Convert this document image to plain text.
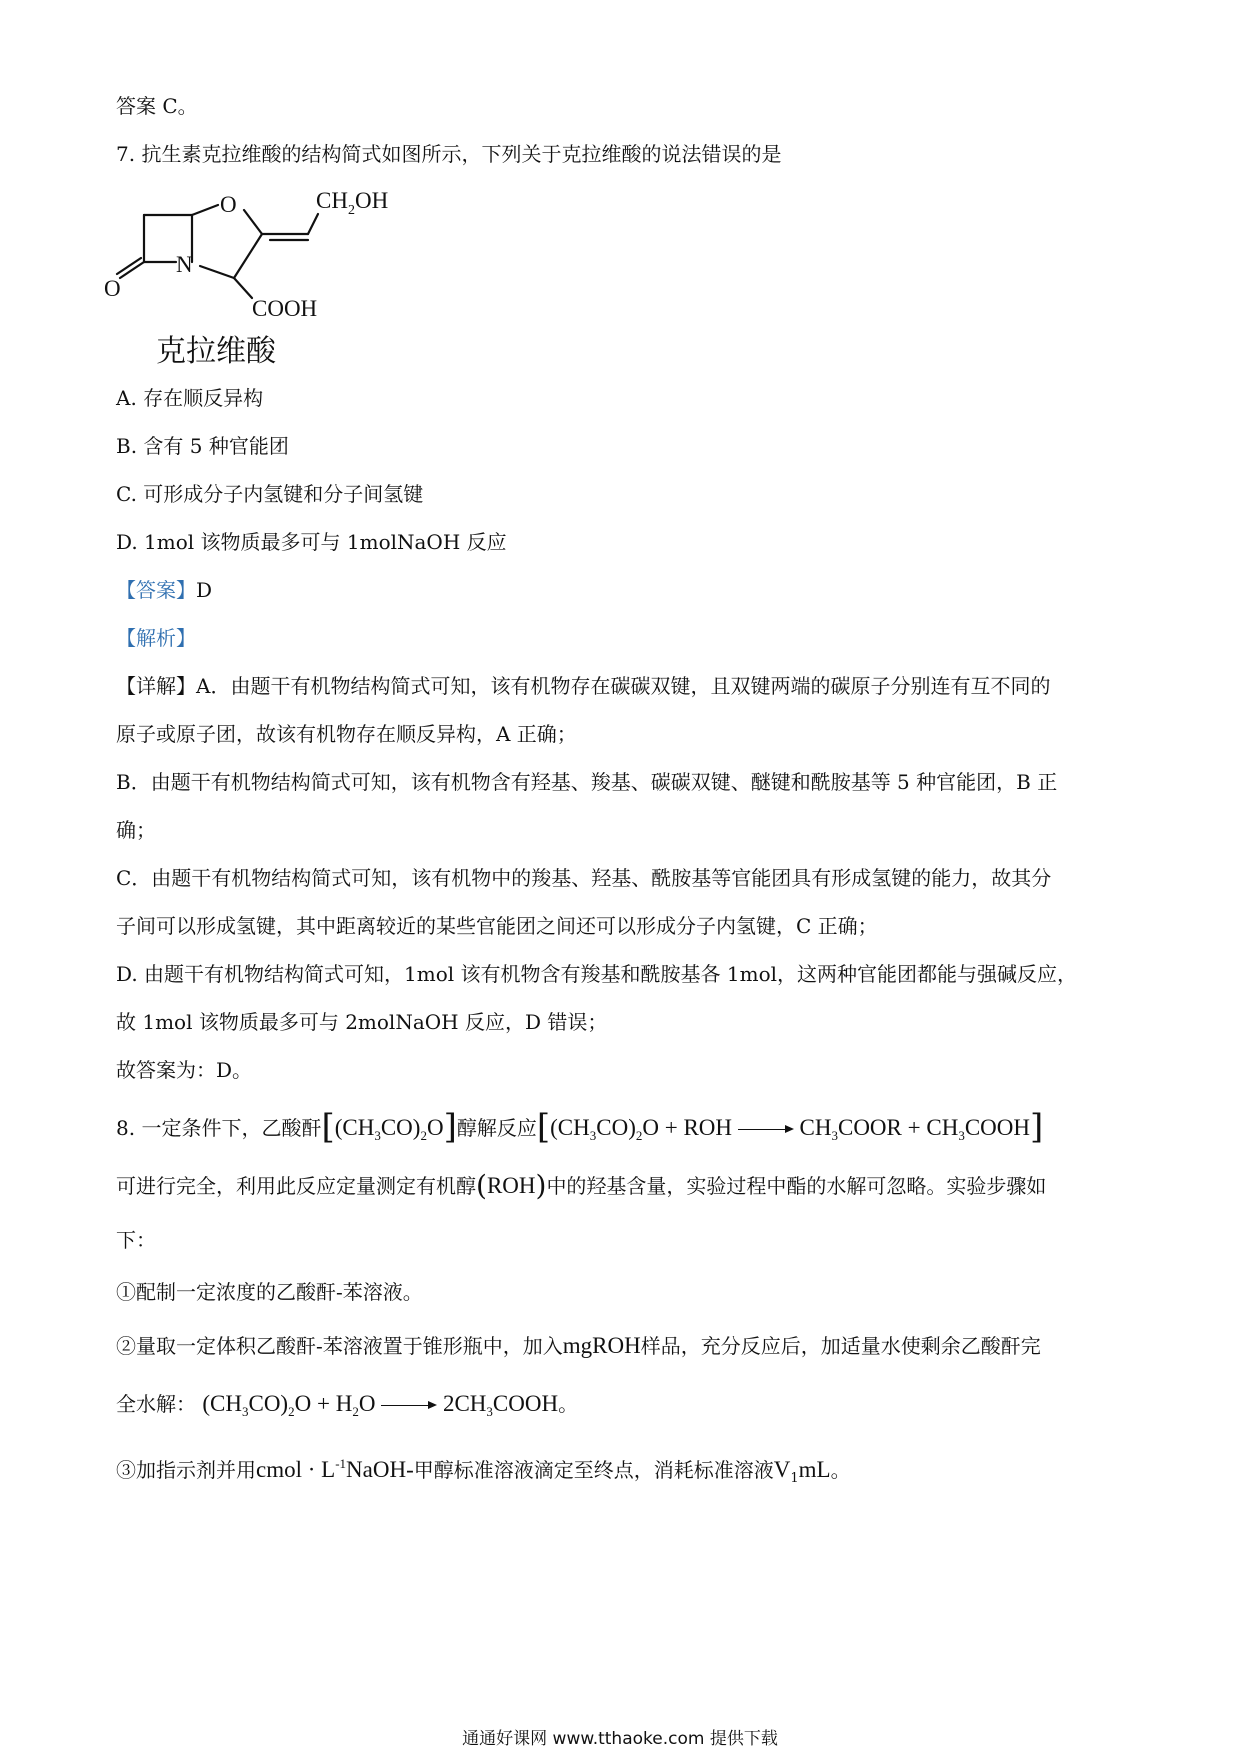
答案 C。
7. 抗生素克拉维酸的结构简式如图所示，下列关于克拉维酸的说法错误的是
O	$CH_2OH$
N
O
COOH
克拉维酸
A. 存在顺反异构
B. 含有 5 种官能团
C. 可形成分子内氢键和分子间氢键
D. 1mol 该物质最多可与 1molNaOH 反应
【答案】D
【解析】
【详解】A．由题干有机物结构简式可知，该有机物存在碳碳双键，且双键两端的碳原子分别连有互不同的
原子或原子团，故该有机物存在顺反异构，A 正确；
B．由题干有机物结构简式可知，该有机物含有羟基、羧基、碳碳双键、醚键和酰胺基等 5 种官能团，B 正
确；
C．由题干有机物结构简式可知，该有机物中的羧基、羟基、酰胺基等官能团具有形成氢键的能力，故其分
子间可以形成氢键，其中距离较近的某些官能团之间还可以形成分子内氢键，C 正确；
D. 由题干有机物结构简式可知，1mol 该有机物含有羧基和酰胺基各 1mol，这两种官能团都能与强碱反应，
故 1mol 该物质最多可与 2molNaOH 反应，D 错误；
故答案为：D。
8. 一定条件下，乙酸酐$[(CH_3CO)_2O]$醇解反应[$(CH_3CO)_2O$ + ROH	$CH_3COOR$ + $CH_3COOH$]
可进行完全，利用此反应定量测定有机醇(ROH)中的羟基含量，实验过程中酯的水解可忽略。实验步骤如
下：
①配制一定浓度的乙酸酐-苯溶液。
②量取一定体积乙酸酐-苯溶液置于锥形瓶中，加入mgROH样品，充分反应后，加适量水使剩余乙酸酐完
全水解： $(CH_3CO)_2O + H_2O$	$2CH_3COOH$。
③加指示剂并用cmol · $L^{-1}NaOH-$甲醇标准溶液滴定至终点，消耗标准溶液$V_1mL$。
通通好课网 www.tthaoke.com 提供下载
